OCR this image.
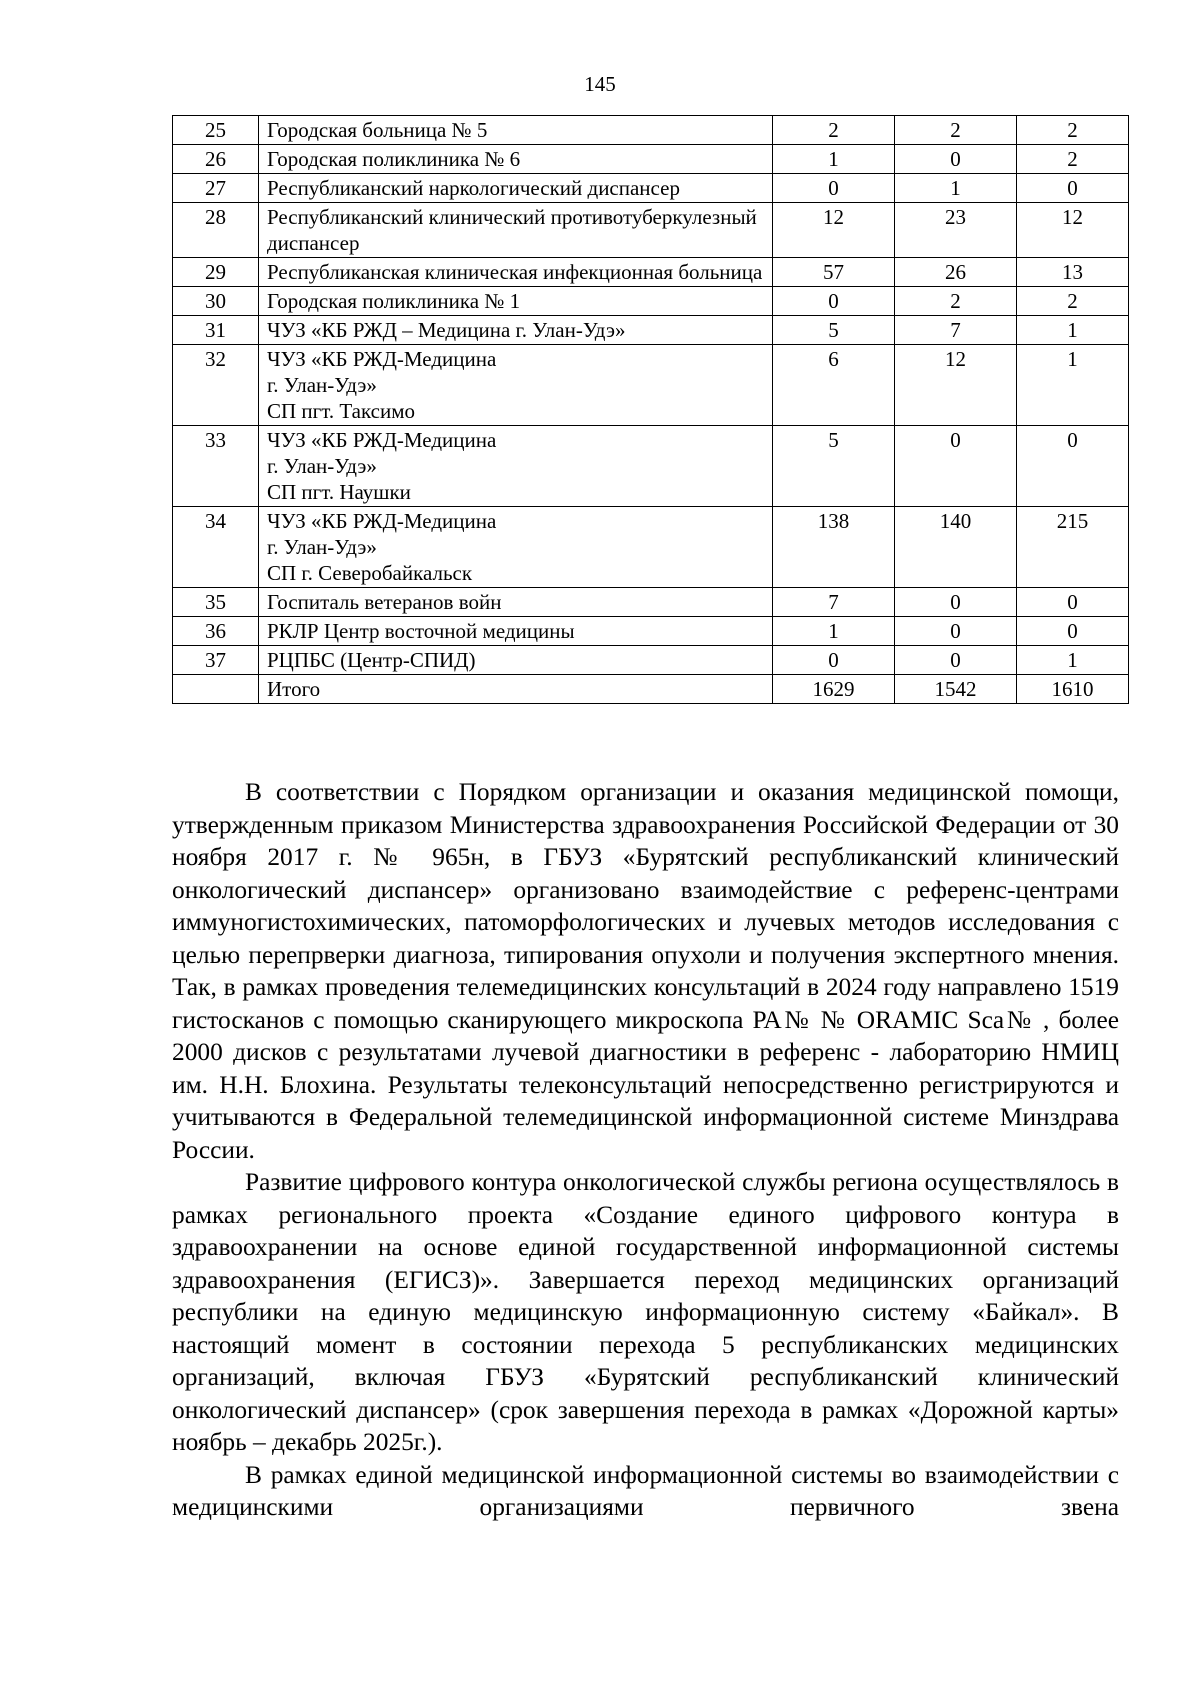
145
25	Городская больница № 5	2	2	2
26	Городская поликлиника № 6	1	0	2
27	Республиканский наркологический диспансер	0	1	0
28	Республиканский клинический противотуберкулезный диспансер	12	23	12
29	Республиканская клиническая инфекционная больница	57	26	13
30	Городская поликлиника № 1	0	2	2
31	ЧУЗ «КБ РЖД – Медицина г. Улан-Удэ»	5	7	1
32	ЧУЗ «КБ РЖД-Медицина
г. Улан-Удэ»
СП пгт. Таксимо	6	12	1
33	ЧУЗ «КБ РЖД-Медицина
г. Улан-Удэ»
СП пгт. Наушки	5	0	0
34	ЧУЗ «КБ РЖД-Медицина
г. Улан-Удэ»
СП г. Северобайкальск	138	140	215
35	Госпиталь ветеранов войн	7	0	0
36	РКЛР Центр восточной медицины	1	0	0
37	РЦПБС (Центр-СПИД)	0	0	1
	Итого	1629	1542	1610

В соответствии с Порядком организации и оказания медицинской помощи, утвержденным приказом Министерства здравоохранения Российской Федерации от 30 ноября 2017 г. № 965н, в ГБУЗ «Бурятский республиканский клинический онкологический диспансер» организовано взаимодействие с референс-центрами иммуногистохимических, патоморфологических и лучевых методов исследования с целью перепрверки диагноза, типирования опухоли и получения экспертного мнения. Так, в рамках проведения телемедицинских консультаций в 2024 году направлено 1519 гистосканов с помощью сканирующего микроскопа РА№ № ORAMIC Sca№ , более 2000 дисков с результатами лучевой диагностики в референс - лабораторию НМИЦ им. Н.Н. Блохина. Результаты телеконсультаций непосредственно регистрируются и учитываются в Федеральной телемедицинской информационной системе Минздрава России.

Развитие цифрового контура онкологической службы региона осуществлялось в рамках регионального проекта «Создание единого цифрового контура в здравоохранении на основе единой государственной информационной системы здравоохранения (ЕГИСЗ)». Завершается переход медицинских организаций республики на единую медицинскую информационную систему «Байкал». В настоящий момент в состоянии перехода 5 республиканских медицинских организаций, включая ГБУЗ «Бурятский республиканский клинический онкологический диспансер» (срок завершения перехода в рамках «Дорожной карты» ноябрь – декабрь 2025г.).

В рамках единой медицинской информационной системы во взаимодействии с медицинскими организациями первичного звена
